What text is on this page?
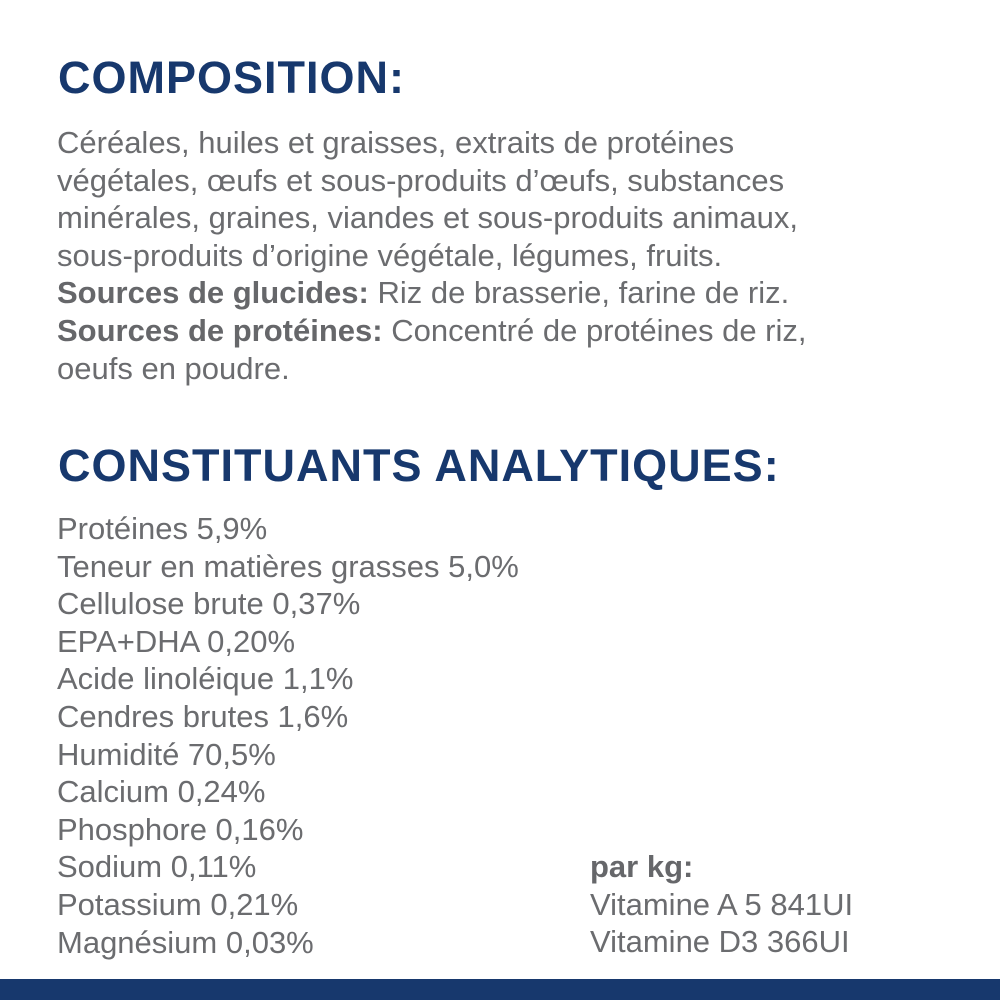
COMPOSITION:
Céréales, huiles et graisses, extraits de protéines
végétales, œufs et sous-produits d’œufs, substances
minérales, graines, viandes et sous-produits animaux,
sous-produits d’origine végétale, légumes, fruits.
Sources de glucides: Riz de brasserie, farine de riz.
Sources de protéines: Concentré de protéines de riz,
oeufs en poudre.
CONSTITUANTS ANALYTIQUES:
Protéines 5,9%
Teneur en matières grasses 5,0%
Cellulose brute 0,37%
EPA+DHA 0,20%
Acide linoléique 1,1%
Cendres brutes 1,6%
Humidité 70,5%
Calcium 0,24%
Phosphore 0,16%
Sodium 0,11%
Potassium 0,21%
Magnésium 0,03%
par kg:
Vitamine A 5 841UI
Vitamine D3 366UI
